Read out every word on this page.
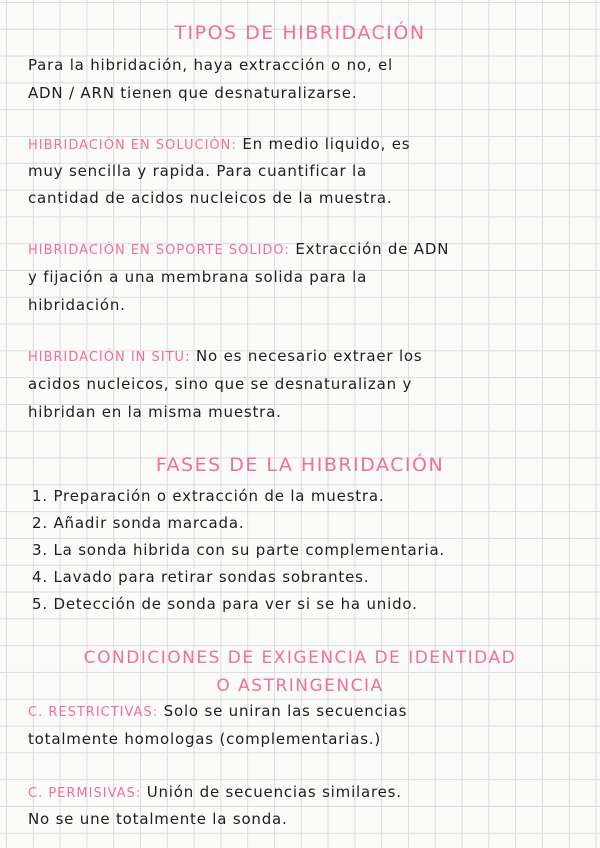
TIPOS DE HIBRIDACIÓN

Para la hibridación, haya extracción o no, el

ADN / ARN tienen que desnaturalizarse.

HIBRIDACIÓN EN SOLUCIÓN: En medio liquido, es

muy sencilla y rapida. Para cuantificar la

cantidad de acidos nucleicos de la muestra.

HIBRIDACIÓN EN SOPORTE SOLIDO: Extracción de ADN

y fijación a una membrana solida para la

hibridación.

HIBRIDACIÓN IN SITU: No es necesario extraer los

acidos nucleicos, sino que se desnaturalizan y

hibridan en la misma muestra.

FASES DE LA HIBRIDACIÓN

1. Preparación o extracción de la muestra.

2. Añadir sonda marcada.

3. La sonda hibrida con su parte complementaria.

4. Lavado para retirar sondas sobrantes.

5. Detección de sonda para ver si se ha unido.

CONDICIONES DE EXIGENCIA DE IDENTIDAD
O ASTRINGENCIA

C. RESTRICTIVAS: Solo se uniran las secuencias

totalmente homologas (complementarias.)

C. PERMISIVAS: Unión de secuencias similares.

No se une totalmente la sonda.
